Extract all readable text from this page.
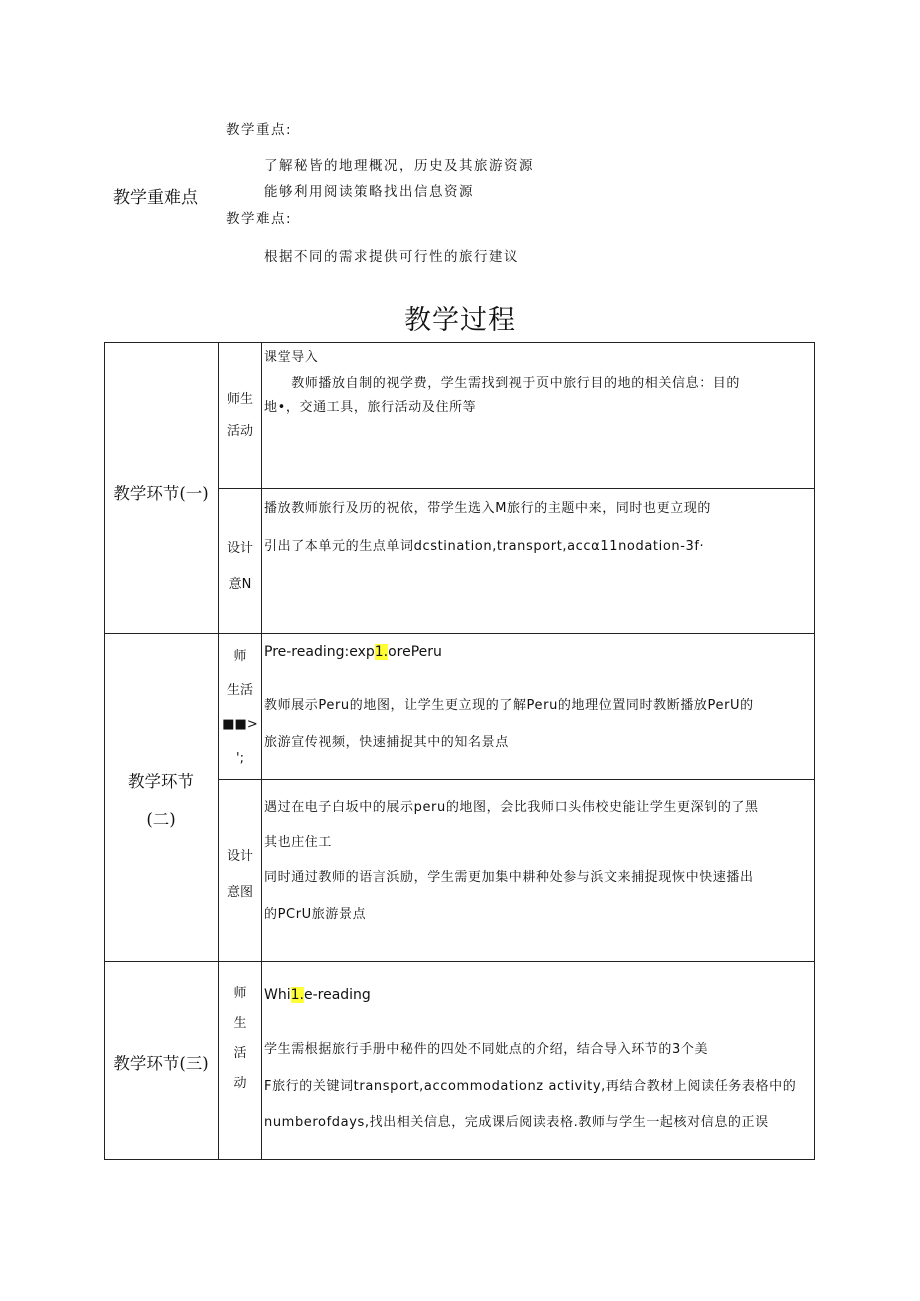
教学重难点
教学重点:
了解秘皆的地理概况，历史及其旅游资源
能够利用阅读策略找出信息资源
教学难点:
根据不同的需求提供可行性的旅行建议
教学过程
教学环节(一)
师生

活动
课堂导入
　　教师播放自制的视学费，学生需找到视于页中旅行目的地的相关信息：目的
地•，交通工具，旅行活动及住所等
设计

意N
播放教师旅行及历的祝依，带学生选入M旅行的主题中来，同时也更立现的
引出了本单元的生点单词dcstination,transport,accα11nodation-3f·
教学环节
(二)
师

生活

■■>

';
Pre-reading:exp1.orePeru
教师展示Peru的地图，让学生更立现的了解Peru的地理位置同时教断播放PerU的
旅游宣传视频，快速捕捉其中的知名景点
设计

意图
遇过在电子白坂中的展示peru的地图，会比我师口头伟校史能让学生更深钊的了黑
其也庄住工
同时通过教师的语言浜励，学生需更加集中耕种处参与浜文来捕捉现恢中快速播出
的PCrU旅游景点
教学环节(三)
师

生

活

动
Whi1.e-reading
学生需根据旅行手册中秘件的四处不同妣点的介绍，结合导入环节的3个美
F旅行的关键词transport,accommodationz activity,再结合教材上阅读任务表格中的
numberofdays,找出相关信息，完成课后阅读表格.教师与学生一起核对信息的正误
